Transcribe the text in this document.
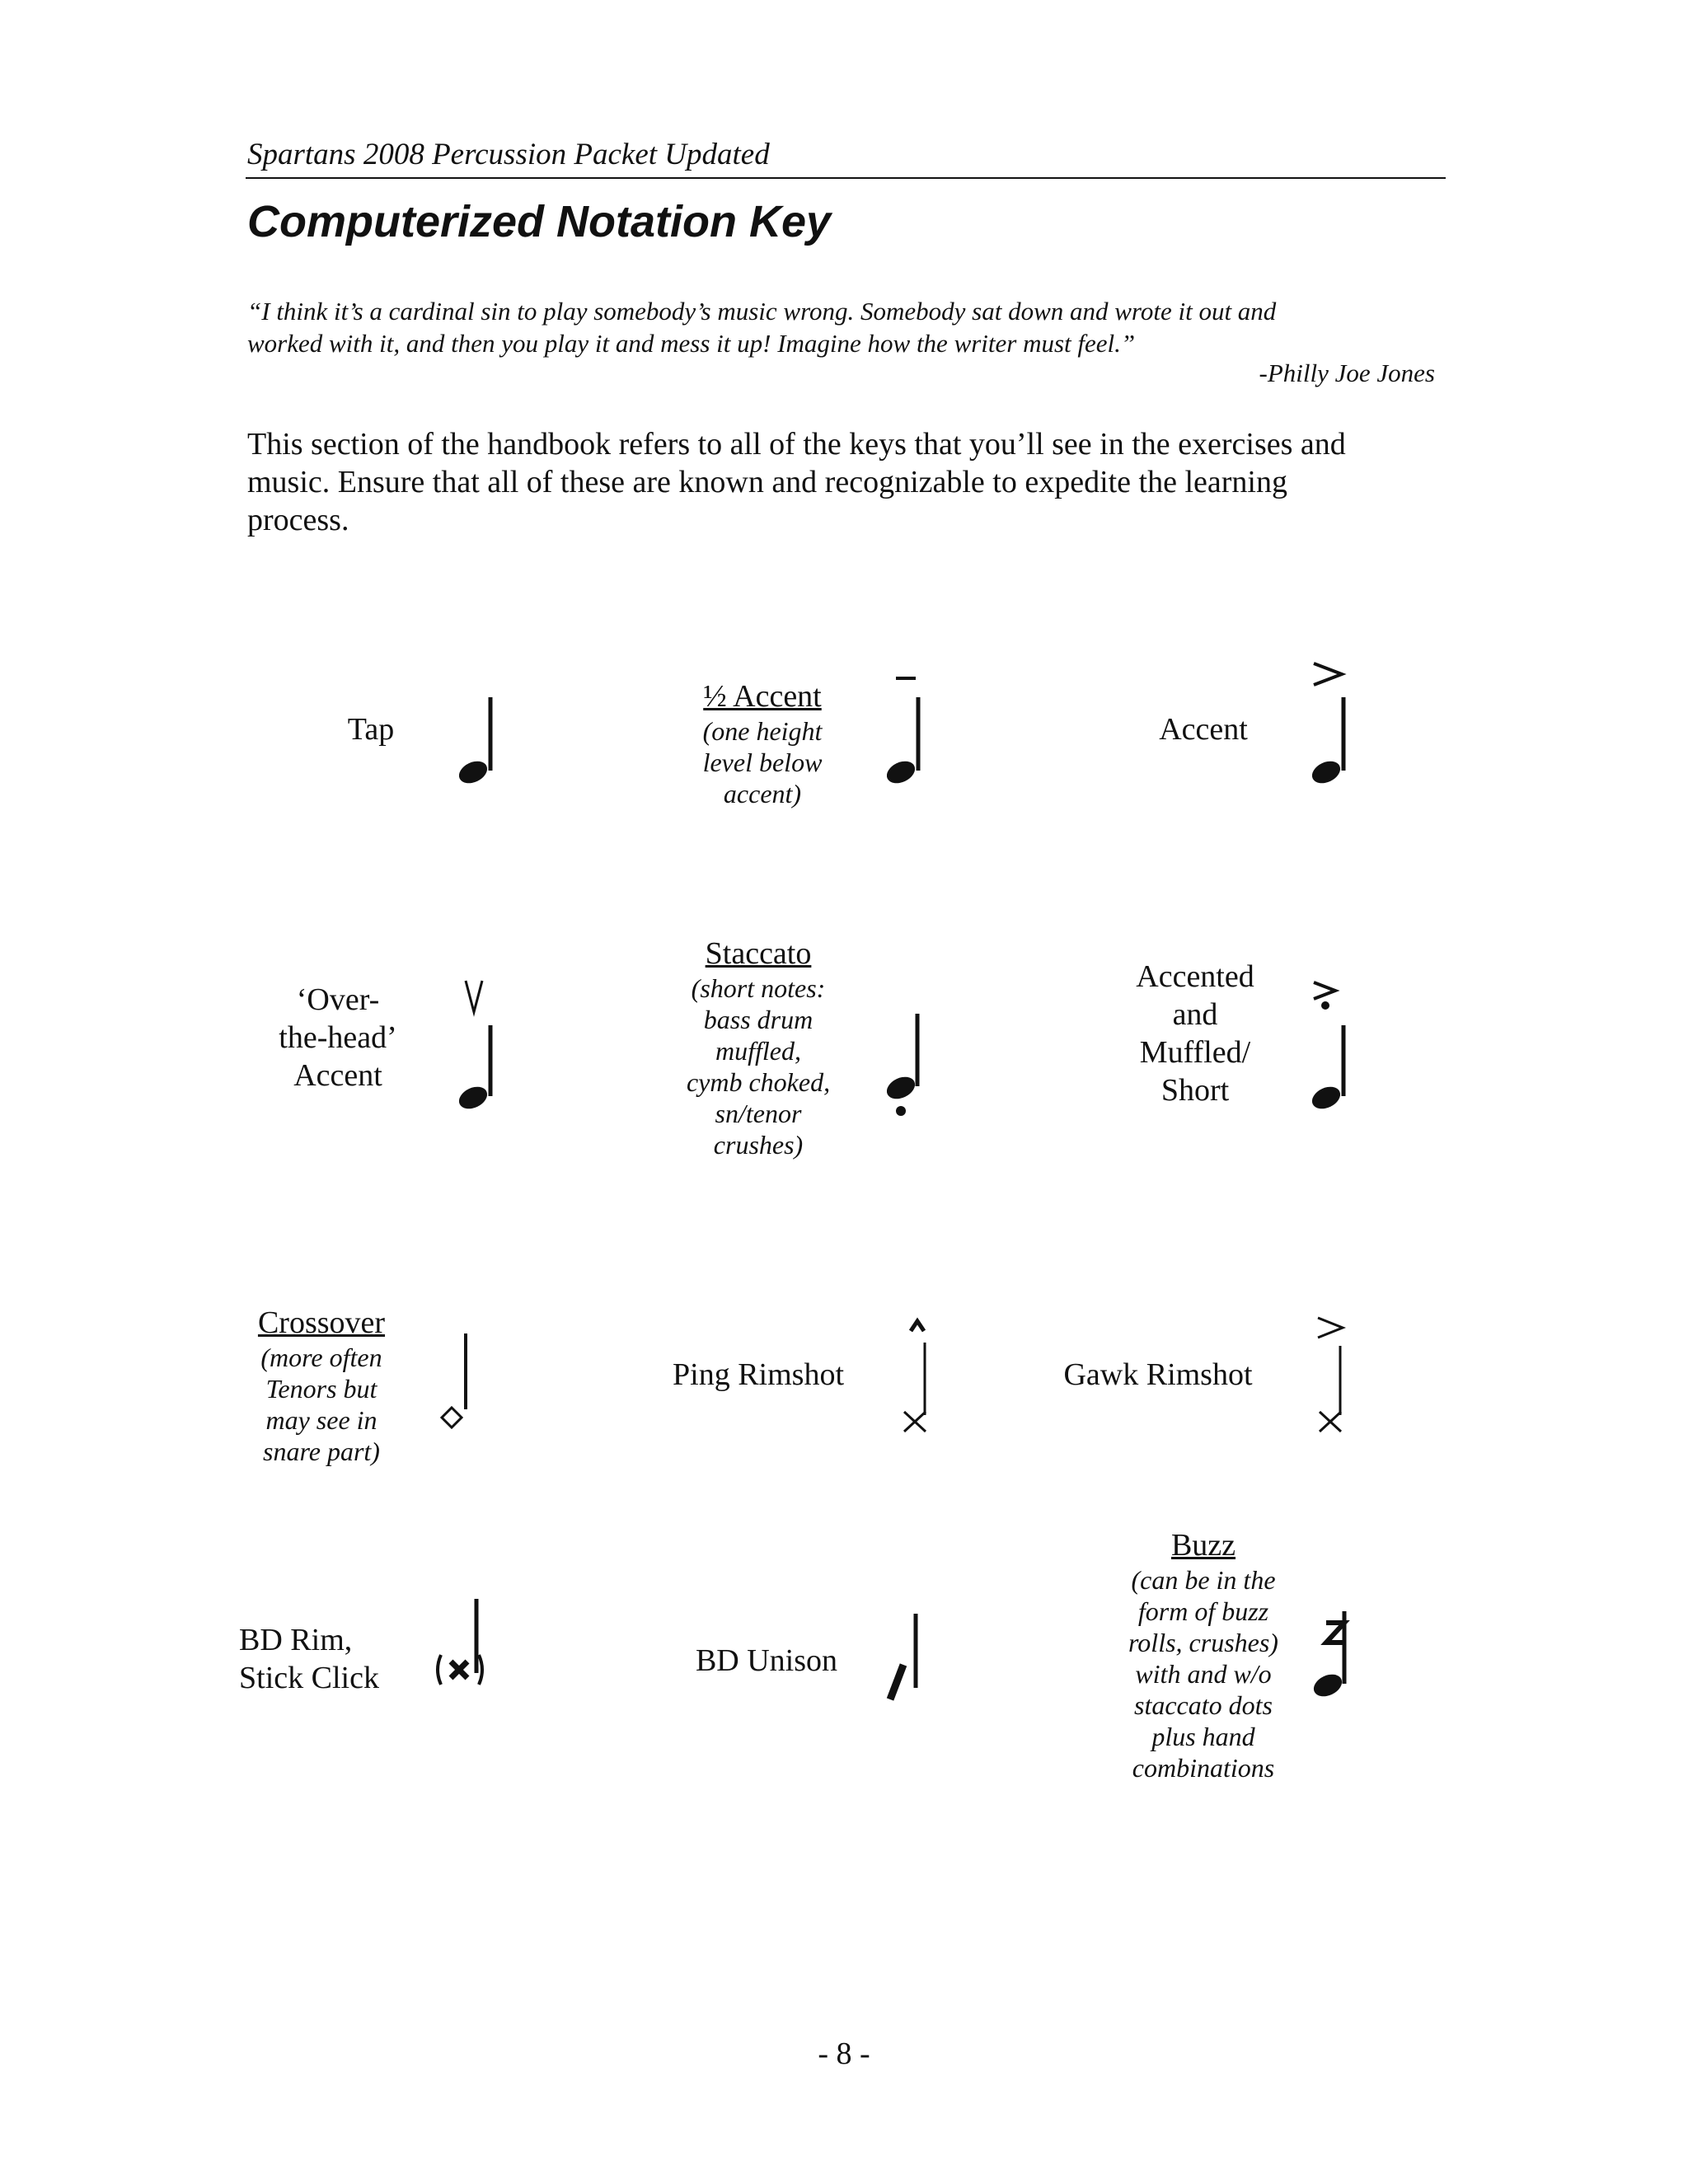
Spartans 2008 Percussion Packet Updated
Computerized Notation Key

“I think it’s a cardinal sin to play somebody’s music wrong. Somebody sat down and wrote it out and

worked with it, and then you play it and mess it up! Imagine how the writer must feel.”

-Philly Joe Jones

This section of the handbook refers to all of the keys that you’ll see in the exercises and

music. Ensure that all of these are known and recognizable to expedite the learning

process.

Tap
½ Accent
(one height
level below
accent)
Accent
‘Over-
the-head’
Accent
Staccato
(short notes:
bass drum
muffled,
cymb choked,
sn/tenor
crushes)
Accented
and
Muffled/
Short
Crossover
(more often
Tenors but
may see in
snare part)
Ping Rimshot	Gawk Rimshot
BD Rim,
Stick Click	BD Unison
Buzz
(can be in the
form of buzz
rolls, crushes)
with and w/o
staccato dots
plus hand
combinations
- 8 -
